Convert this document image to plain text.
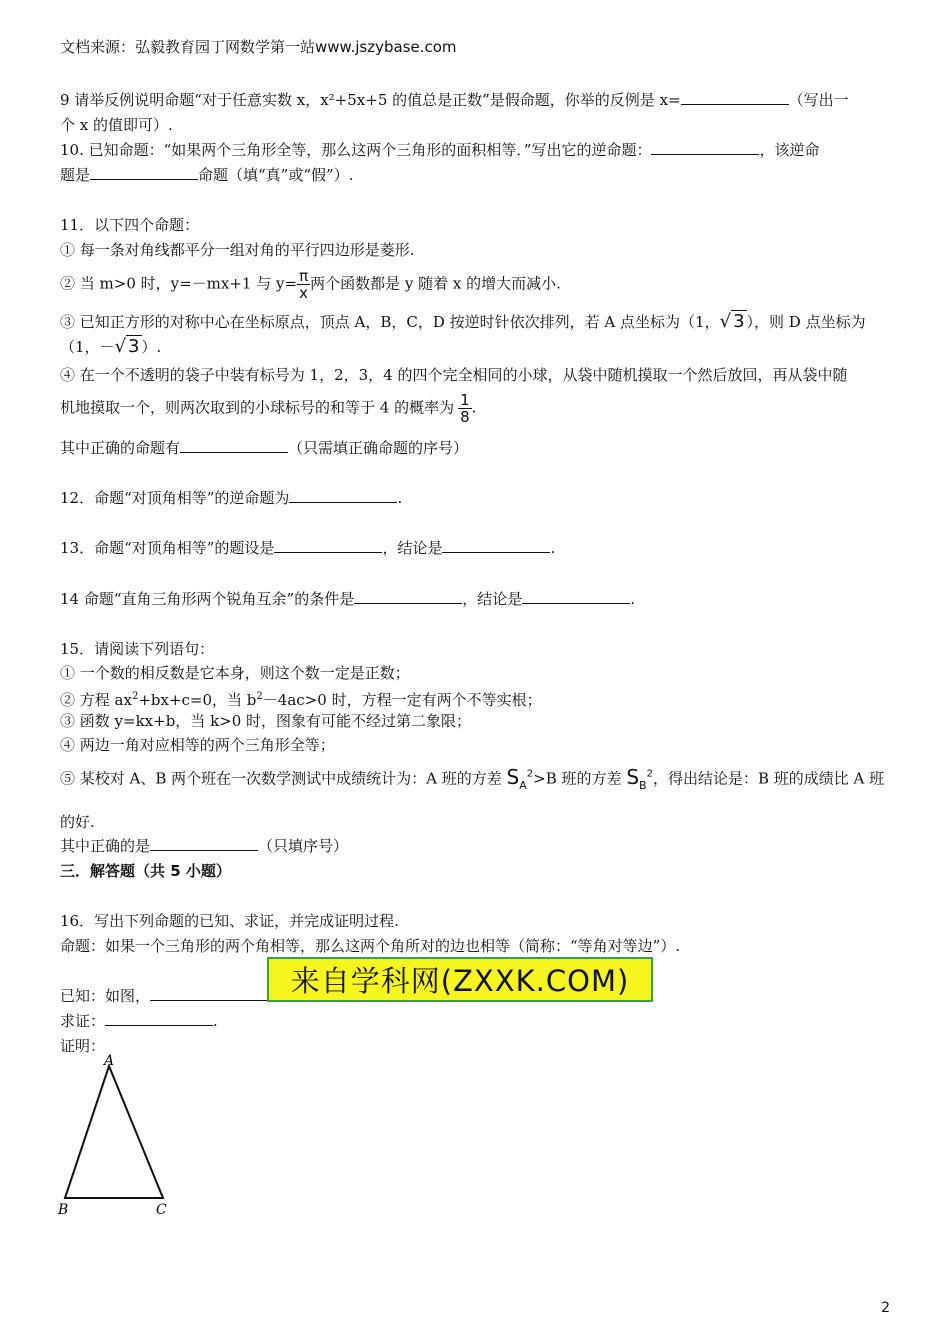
文档来源：弘毅教育园丁网数学第一站www.jszybase.com
9 请举反例说明命题“对于任意实数 x，x²+5x+5 的值总是正数”是假命题，你举的反例是 x=	（写出一
个 x 的值即可）.
10. 已知命题：“如果两个三角形全等，那么这两个三角形的面积相等．”写出它的逆命题：	，该逆命
题是	命题（填“真”或“假”）.
11．以下四个命题：
① 每一条对角线都平分一组对角的平行四边形是菱形.
② 当 m>0 时，y=－mx+1 与 $y= \frac{\pi}{x}$ 两个函数都是 y 随着 x 的增大而减小.
③ 已知正方形的对称中心在坐标原点，顶点 A，B，C，D 按逆时针依次排列，若 A 点坐标为（1，√ 3 ），则 D 点坐标为
（1，－√ 3 ）.
④ 在一个不透明的袋子中装有标号为 1，2，3，4 的四个完全相同的小球，从袋中随机摸取一个然后放回，再从袋中随
机地摸取一个，则两次取到的小球标号的和等于 4 的概率为 $\frac{1}{8}$ .
其中正确的命题有	（只需填正确命题的序号）
12．命题“对顶角相等”的逆命题为	.
13．命题“对顶角相等”的题设是	，结论是	.
14 命题“直角三角形两个锐角互余”的条件是	，结论是	.
15．请阅读下列语句：
① 一个数的相反数是它本身，则这个数一定是正数；
② 方程 $ax^2+bx+c=0$，当 $b^2-4ac>0$ 时，方程一定有两个不等实根；
③ 函数 y=kx+b，当 k>0 时，图象有可能不经过第二象限；
④ 两边一角对应相等的两个三角形全等；
⑤ 某校对 A、B 两个班在一次数学测试中成绩统计为：A 班的方差 $S_A^2>B$ 班的方差 $S_B^2$，得出结论是：B 班的成绩比 A 班
的好.
其中正确的是	（只填序号）
三．解答题（共 5 小题）
16．写出下列命题的已知、求证，并完成证明过程.
命题：如果一个三角形的两个角相等，那么这两个角所对的边也相等（简称：“等角对等边”）.
已知：如图，
求证：	.
证明：
来自学科网(ZXXK.COM)
A
B	C
2
